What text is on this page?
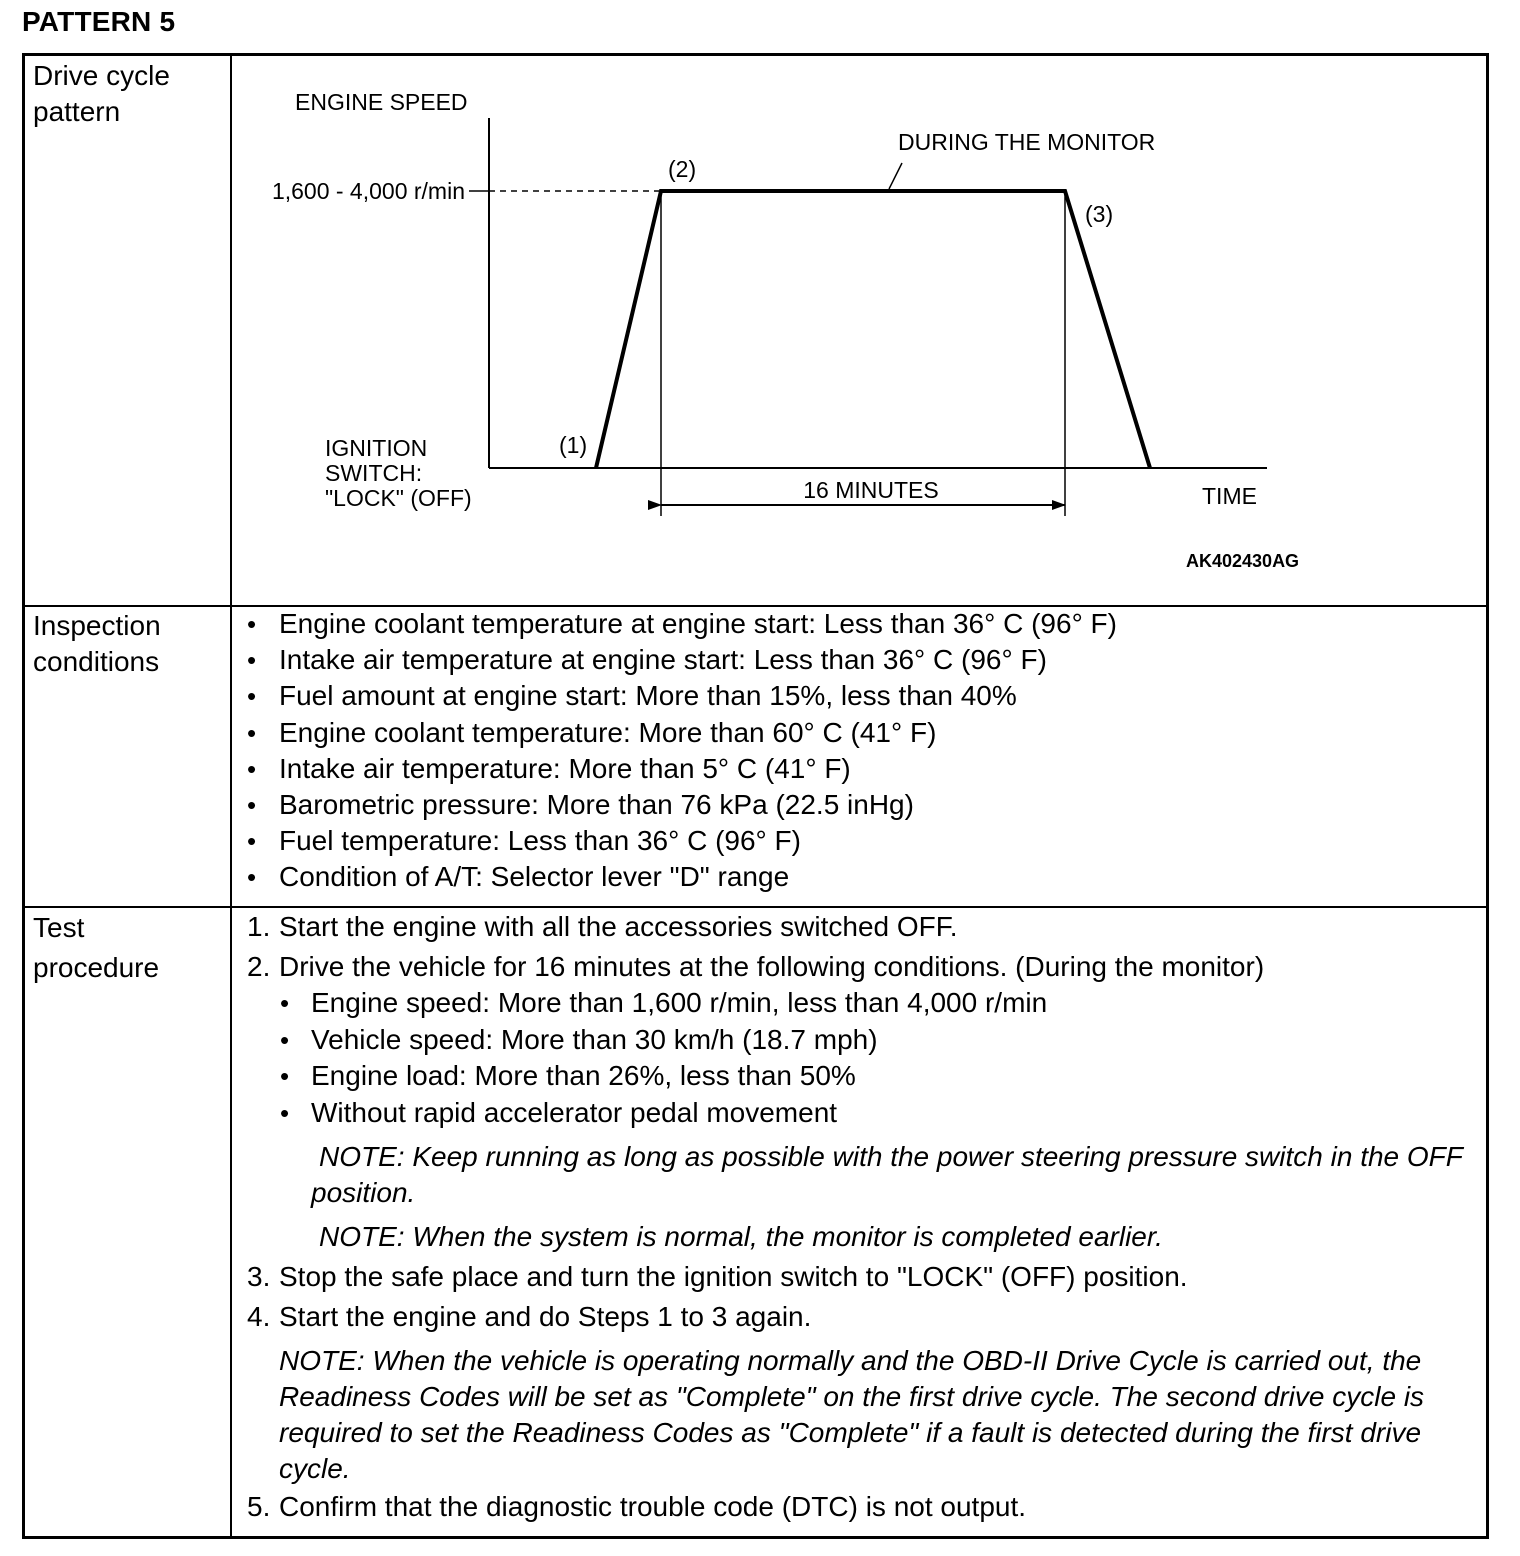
PATTERN 5
Drive cycle
pattern
Inspection
conditions
Test
procedure
ENGINE SPEED
1,600 - 4,000 r/min
(2)
(3)
(1)
DURING THE MONITOR
IGNITION
SWITCH:
"LOCK" (OFF)	16 MINUTES	TIME
AK402430AG
• Engine coolant temperature at engine start: Less than 36° C (96° F)
• Intake air temperature at engine start: Less than 36° C (96° F)
• Fuel amount at engine start: More than 15%, less than 40%
• Engine coolant temperature: More than 60° C (41° F)
• Intake air temperature: More than 5° C (41° F)
• Barometric pressure: More than 76 kPa (22.5 inHg)
• Fuel temperature: Less than 36° C (96° F)
• Condition of A/T: Selector lever "D" range
1. Start the engine with all the accessories switched OFF.
2. Drive the vehicle for 16 minutes at the following conditions. (During the monitor)
• Engine speed: More than 1,600 r/min, less than 4,000 r/min
• Vehicle speed: More than 30 km/h (18.7 mph)
• Engine load: More than 26%, less than 50%
• Without rapid accelerator pedal movement
NOTE: Keep running as long as possible with the power steering pressure switch in the OFF position.
NOTE: When the system is normal, the monitor is completed earlier.
3. Stop the safe place and turn the ignition switch to "LOCK" (OFF) position.
4. Start the engine and do Steps 1 to 3 again.
NOTE: When the vehicle is operating normally and the OBD-II Drive Cycle is carried out, the Readiness Codes will be set as "Complete" on the first drive cycle. The second drive cycle is required to set the Readiness Codes as "Complete" if a fault is detected during the first drive cycle.
5. Confirm that the diagnostic trouble code (DTC) is not output.
